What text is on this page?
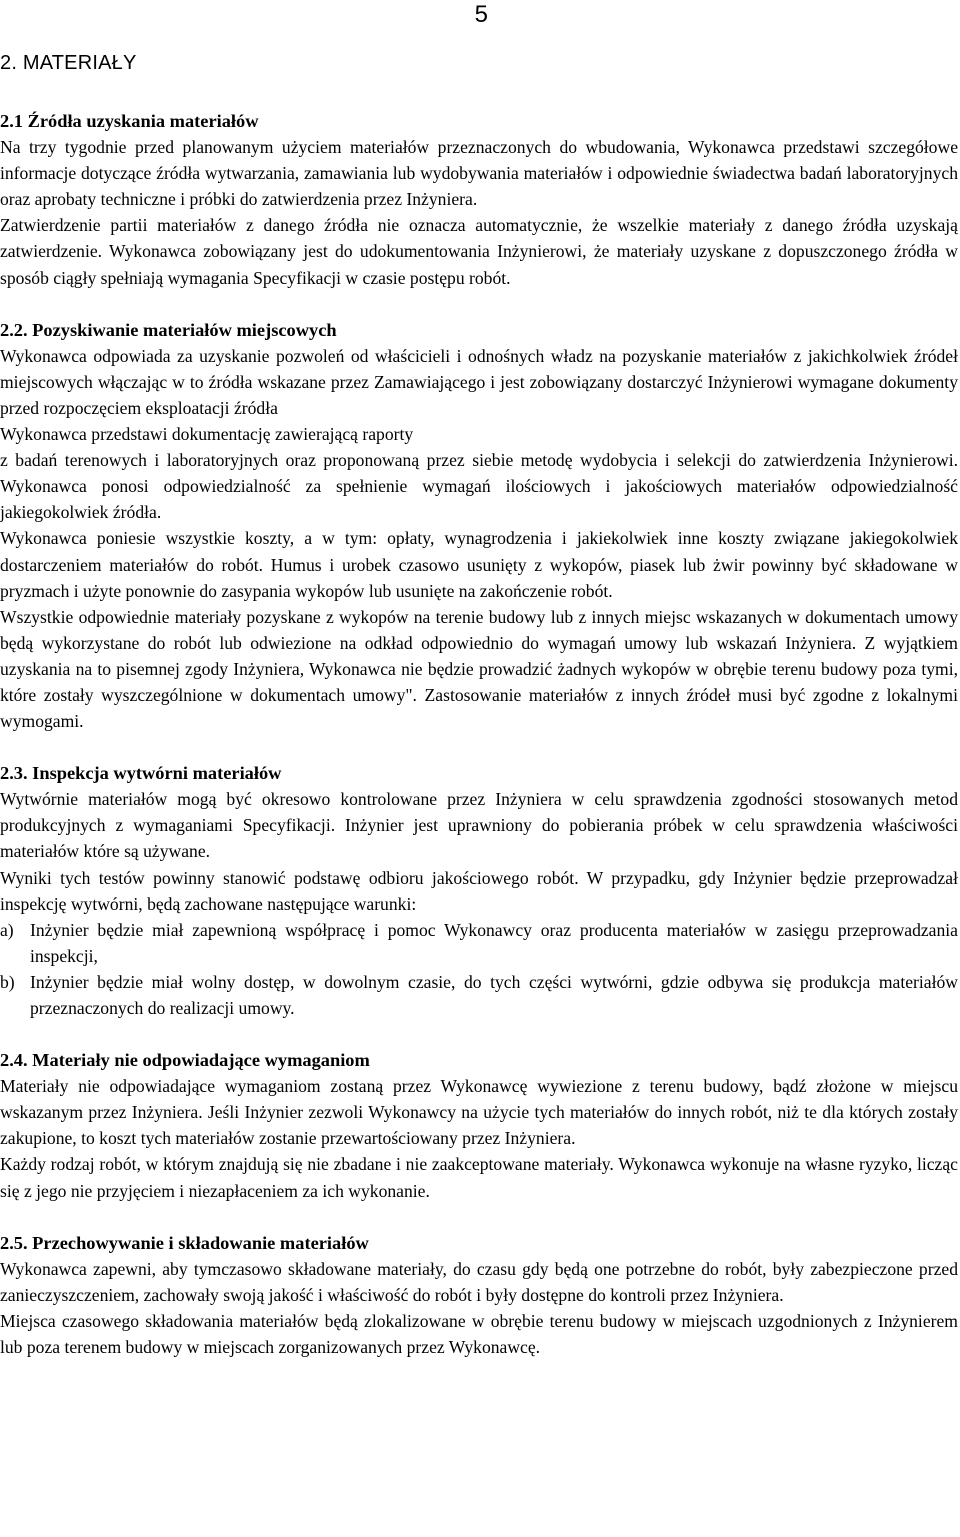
5
2. MATERIAŁY
2.1 Źródła uzyskania materiałów

Na trzy tygodnie przed planowanym użyciem materiałów przeznaczonych do wbudowania, Wykonawca przedstawi szczegółowe informacje dotyczące źródła wytwarzania, zamawiania lub wydobywania materiałów i odpowiednie świadectwa badań laboratoryjnych oraz aprobaty techniczne i próbki do zatwierdzenia przez Inżyniera.

Zatwierdzenie partii materiałów z danego źródła nie oznacza automatycznie, że wszelkie materiały z danego źródła uzyskają zatwierdzenie. Wykonawca zobowiązany jest do udokumentowania Inżynierowi, że materiały uzyskane z dopuszczonego źródła w sposób ciągły spełniają wymagania Specyfikacji w czasie postępu robót.

2.2. Pozyskiwanie materiałów miejscowych

Wykonawca odpowiada za uzyskanie pozwoleń od właścicieli i odnośnych władz na pozyskanie materiałów z jakichkolwiek źródeł miejscowych włączając w to źródła wskazane przez Zamawiającego i jest zobowiązany dostarczyć Inżynierowi wymagane dokumenty przed rozpoczęciem eksploatacji źródła

Wykonawca przedstawi dokumentację zawierającą raporty

z badań terenowych i laboratoryjnych oraz proponowaną przez siebie metodę wydobycia i selekcji do zatwierdzenia Inżynierowi. Wykonawca ponosi odpowiedzialność za spełnienie wymagań ilościowych i jakościowych materiałów odpowiedzialność jakiegokolwiek źródła.

Wykonawca poniesie wszystkie koszty, a w tym: opłaty, wynagrodzenia i jakiekolwiek inne koszty związane jakiegokolwiek dostarczeniem materiałów do robót. Humus i urobek czasowo usunięty z wykopów, piasek lub żwir powinny być składowane w pryzmach i użyte ponownie do zasypania wykopów lub usunięte na zakończenie robót.

Wszystkie odpowiednie materiały pozyskane z wykopów na terenie budowy lub z innych miejsc wskazanych w dokumentach umowy będą wykorzystane do robót lub odwiezione na odkład odpowiednio do wymagań umowy lub wskazań Inżyniera. Z wyjątkiem uzyskania na to pisemnej zgody Inżyniera, Wykonawca nie będzie prowadzić żadnych wykopów w obrębie terenu budowy poza tymi, które zostały wyszczególnione w dokumentach umowy". Zastosowanie materiałów z innych źródeł musi być zgodne z lokalnymi wymogami.

2.3. Inspekcja wytwórni materiałów

Wytwórnie materiałów mogą być okresowo kontrolowane przez Inżyniera w celu sprawdzenia zgodności stosowanych metod produkcyjnych z wymaganiami Specyfikacji. Inżynier jest uprawniony do pobierania próbek w celu sprawdzenia właściwości materiałów które są używane.

Wyniki tych testów powinny stanowić podstawę odbioru jakościowego robót. W przypadku, gdy Inżynier będzie przeprowadzał inspekcję wytwórni, będą zachowane następujące warunki:

a) Inżynier będzie miał zapewnioną współpracę i pomoc Wykonawcy oraz producenta materiałów w zasięgu przeprowadzania inspekcji,
b) Inżynier będzie miał wolny dostęp, w dowolnym czasie, do tych części wytwórni, gdzie odbywa się produkcja materiałów przeznaczonych do realizacji umowy.
2.4. Materiały nie odpowiadające wymaganiom

Materiały nie odpowiadające wymaganiom zostaną przez Wykonawcę wywiezione z terenu budowy, bądź złożone w miejscu wskazanym przez Inżyniera. Jeśli Inżynier zezwoli Wykonawcy na użycie tych materiałów do innych robót, niż te dla których zostały zakupione, to koszt tych materiałów zostanie przewartościowany przez Inżyniera.

Każdy rodzaj robót, w którym znajdują się nie zbadane i nie zaakceptowane materiały. Wykonawca wykonuje na własne ryzyko, licząc się z jego nie przyjęciem i niezapłaceniem za ich wykonanie.

2.5. Przechowywanie i składowanie materiałów

Wykonawca zapewni, aby tymczasowo składowane materiały, do czasu gdy będą one potrzebne do robót, były zabezpieczone przed zanieczyszczeniem, zachowały swoją jakość i właściwość do robót i były dostępne do kontroli przez Inżyniera.

Miejsca czasowego składowania materiałów będą zlokalizowane w obrębie terenu budowy w miejscach uzgodnionych z Inżynierem lub poza terenem budowy w miejscach zorganizowanych przez Wykonawcę.
